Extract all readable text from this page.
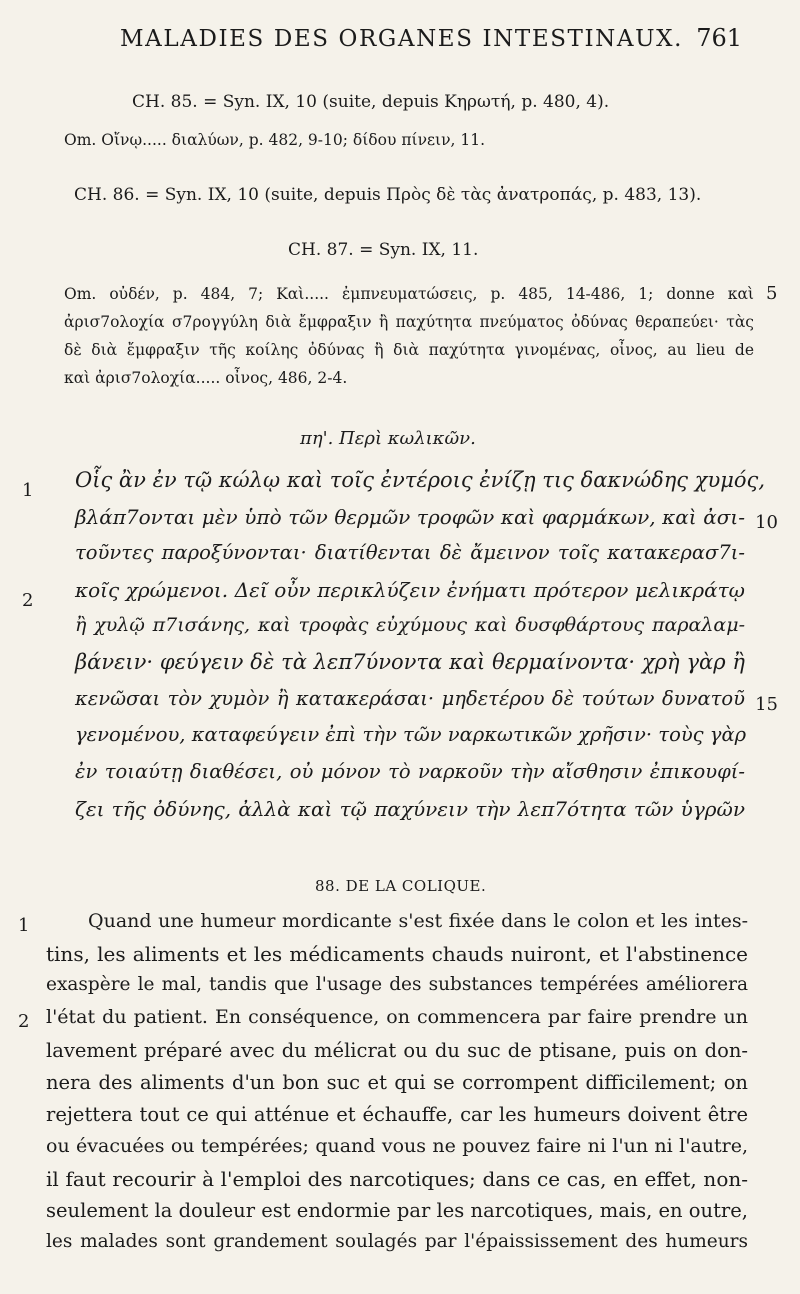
MALADIES DES ORGANES INTESTINAUX. 761
CH. 85. = Syn. IX, 10 (suite, depuis Κηρωτή, p. 480, 4).
Om. Οἴνῳ..... διαλύων, p. 482, 9-10; δίδου πίνειν, 11.
CH. 86. = Syn. IX, 10 (suite, depuis Πρὸς δὲ τὰς ἀνατροπάς, p. 483, 13).
CH. 87. = Syn. IX, 11.
Om. οὐδέν, p. 484, 7; Καὶ..... ἐμπνευματώσεις, p. 485, 14-486, 1; donne καὶ
ἀρισ7ολοχία σ7ρογγύλη διὰ ἔμφραξιν ἢ παχύτητα πνεύματος ὀδύνας θεραπεύει· τὰς
δὲ διὰ ἔμφραξιν τῆς κοίλης ὀδύνας ἢ διὰ παχύτητα γινομένας, οἶνος, au lieu de
καὶ ἀρισ7ολοχία..... οἶνος, 486, 2-4.
5
πη'. Περὶ κωλικῶν.
1
2
10
15
Οἷς ἂν ἐν τῷ κώλῳ καὶ τοῖς ἐντέροις ἐνίζῃ τις δακνώδης χυμός,
βλάπ7ονται μὲν ὑπὸ τῶν θερμῶν τροφῶν καὶ φαρμάκων, καὶ ἀσι-
τοῦντες παροξύνονται· διατίθενται δὲ ἄμεινον τοῖς κατακερασ7ι-
κοῖς χρώμενοι. Δεῖ οὖν περικλύζειν ἐνήματι πρότερον μελικράτῳ
ἢ χυλῷ π7ισάνης, καὶ τροφὰς εὐχύμους καὶ δυσφθάρτους παραλαμ-
βάνειν· φεύγειν δὲ τὰ λεπ7ύνοντα καὶ θερμαίνοντα· χρὴ γὰρ ἢ
κενῶσαι τὸν χυμὸν ἢ κατακεράσαι· μηδετέρου δὲ τούτων δυνατοῦ
γενομένου, καταφεύγειν ἐπὶ τὴν τῶν ναρκωτικῶν χρῆσιν· τοὺς γὰρ
ἐν τοιαύτῃ διαθέσει, οὐ μόνον τὸ ναρκοῦν τὴν αἴσθησιν ἐπικουφί-
ζει τῆς ὀδύνης, ἀλλὰ καὶ τῷ παχύνειν τὴν λεπ7ότητα τῶν ὑγρῶν
88. DE LA COLIQUE.
1
2
Quand une humeur mordicante s'est fixée dans le colon et les intes-
tins, les aliments et les médicaments chauds nuiront, et l'abstinence
exaspère le mal, tandis que l'usage des substances tempérées améliorera
l'état du patient. En conséquence, on commencera par faire prendre un
lavement préparé avec du mélicrat ou du suc de ptisane, puis on don-
nera des aliments d'un bon suc et qui se corrompent difficilement; on
rejettera tout ce qui atténue et échauffe, car les humeurs doivent être
ou évacuées ou tempérées; quand vous ne pouvez faire ni l'un ni l'autre,
il faut recourir à l'emploi des narcotiques; dans ce cas, en effet, non-
seulement la douleur est endormie par les narcotiques, mais, en outre,
les malades sont grandement soulagés par l'épaississement des humeurs
